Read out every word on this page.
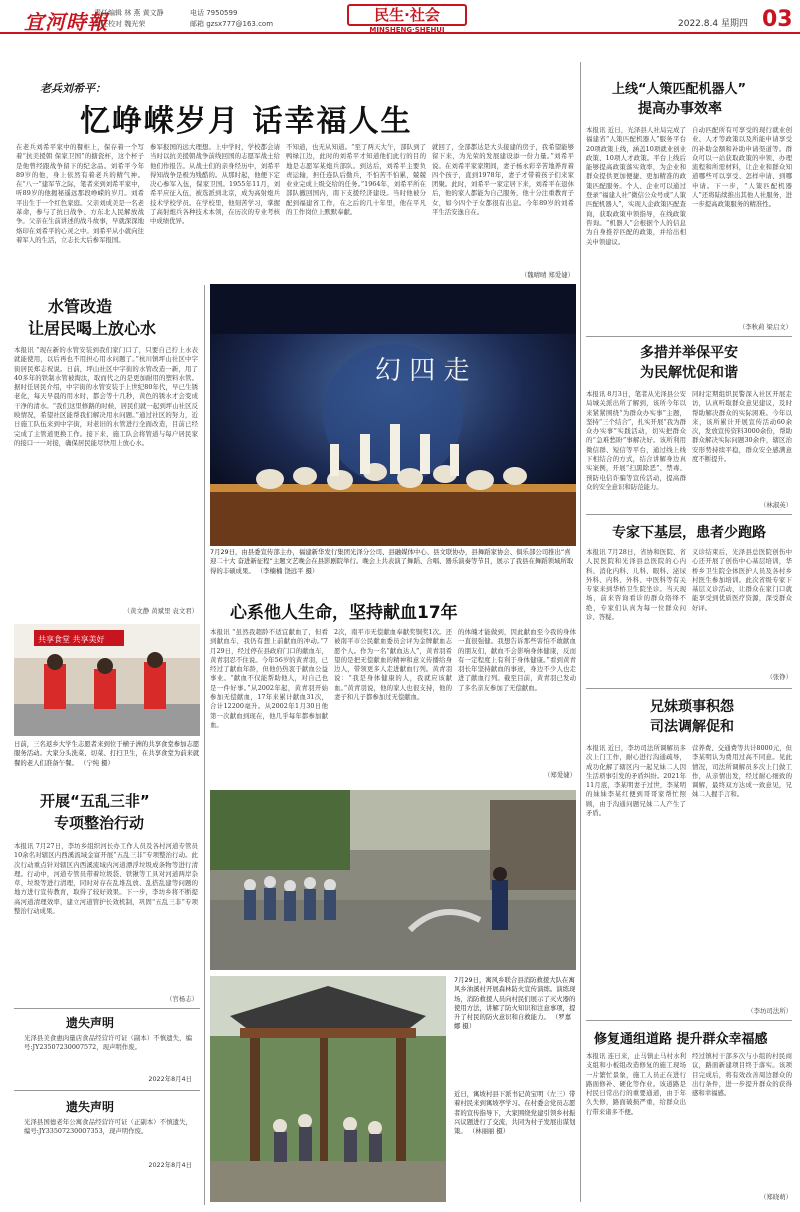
宜河時報
责任编辑 林 燕 黄文静	电话 7950599
责任校对 魏光荣	邮箱 gzsx777@163.com	民生·社会
MINSHENG·SHEHUI
2022.8.4 星期四 03
老兵刘希平：
忆峥嵘岁月 话幸福人生
在老兵刘希平家中的餐柜上，保存着一个写着“抗美援朝 保家卫国”的搪瓷杯，这个杯子是他曾经跟战争留下的纪念品。刘希平今年89岁的他，身上依然有着老兵的精气神。在“八一”建军节之际，笔者来到刘希平家中，听89岁的他揭秘遥远那段峥嵘的岁月。刘希平出生于一个红色家庭。父亲刘成美是一名老革命，参与了抗日战争、方东北人民解放战争。父亲在生前讲述的战斗故事，早就深深地烙印在刘希平的心灵之中。刘希平从小就向往着军人的生活，立志长大后参军报国。
参军报国的远大理想。上中学时，学校都会请当时以抗美援朝战争前线回国的志愿军战士给他们作报告。从战士们的亲身经历中，刘希平得知战争是极为残酷的。从那时起，他便下定决心参军入伍，保家卫国。1955年11月，刘希平应征入伍，被选派到北京，成为高射炮兵技术学校学员。在学校里，他刻苦学习，掌握了高射炮兵各种技术本领，在历次的专业考核中成绩优异。
不知道，也无从知道。“至了两天大午，部队到了鸭绿江边，此时的刘希平才知道他们此行的目的地是志愿军某炮兵部队。到达后，刘希平主要负责运输，担任连队后勤兵，不怕苦不怕累，兢兢业业完成上级交给的任务。”1964年，刘希平所在部队撤回国内，南下支援经济建设。当时他被分配到福建省工作，在之后的几十年里，他在平凡的工作岗位上默默奉献。
就回了，全部都达是大头接建的房子，我希望能够留下来，为光荣的发展建设添一份力量。”刘希平说。在刘希平家家期间，妻子杨永彩辛苦地养育着四个孩子，直到1978年，妻子才带着孩子们来家团聚。此时，刘希平一家定居下来，刘希平在退休后，他的家人都能为自己服务，他十分注重教育子女，如今四个子女都很有出息。今年89岁的刘希平生活安逸自在。
（魏晴晴 郑爱婕）
幻 四 走
7月29日，由县委宣传部主办，福建新华发行集团光泽分公司、县融媒体中心、县文联协办，县舞蹈家协会、俱乐部公司推出“喜迎二十大 奋进新征程”主题文艺晚会在县影剧院举行。晚会上共表演了舞蹈、合唱、器乐演奏等节目，展示了我县在舞蹈领域所取得的丰硕成果。 （李楠楠 饶远平 摄）
水管改造
让居民喝上放心水
本报讯 “现在新的水管安装到我们家门口了，只要自己拧上水表就能使用，以后再也不用担心用水问题了。”杭川镇坪山社区中字街居民郑志祝说。日前，坪山社区中字街的水管改造一新，用了40多年的铁制水管被淘汰，取而代之的是更加耐用的塑料水管。据时任居民介绍，中字街的水管安装于上世纪80年代，早已生锈老化，每天早晨的用水时，都会等十几秒，黄色的锈水才会变成干净的清水。“我们这里修路的时候，居民们就一起到坪山社区反映情况，希望社区能帮我们解决用水问题。”通过社区的努力，近日施工队伍来到中字街，对老旧的水管进行全面改造，目前已经完成了主管道更换工作。接下来，施工队会将管道与每户居民家的接口一一对接，确保居民能尽快用上放心水。
（黄文静 黄斌里 袁文君）
共享食堂 共享美好
日前，三名返乡大学生志愿者来到位于横子洲的共享食堂参加志愿服务活动。大家分头洗菜、切菜、打扫卫生，在共享食堂为前来就餐的老人们准备午餐。 （宁纯 摄）
开展“五乱三非”
专项整治行动
本报讯 7月27日，李坊乡组织河长办工作人员及各村河道专管员10余名对辖区内西溪流域金富开展“五乱三非”专项整治行动。此次行动重点针对辖区内西溪流域内河道漂浮垃圾成条物等进行清理。行动中，河道专管员带着垃圾袋、铁锹等工具对河道两岸杂草、垃圾等进行清理，同时对存在乱堆乱放、乱搭乱建等问题的地方进行宣传教育，取得了较好效果。下一步，李坊乡将不断提高河道清理效率，建立河道管护长效机制，巩固“五乱三非”专项整治行动成果。
（官杨志）
遗失声明
光泽县美食惠肉量店食品经营许可证（副本）不慎遗失，编号:JY23507230007572，现声明作废。
2022年8月4日
遗失声明
光泽县国德老年公寓食品经营许可证（正副本）不慎遗失，编号:JY33507230007353，现声明作废。
2022年8月4日
心系他人生命，坚持献血17年
本报讯 “虽然我超龄不适宜献血了，但看到献血车，我仍有想上前献血的冲动。”7月29日，经过停在县政府门口的献血车，黄青羽忍不住说。今年56岁的黄青羽，已经过了献血年龄，但他仍热衷于献血公益事业。“献血不仅能帮助他人，对自己也是一件好事。”从2002年起，黄青羽开始参加无偿献血，17年来累计献血31次，合计12200毫升。从2002年1月30日他第一次献血到现在，他几乎每年都参加献血。
2次，南平市无偿献血奉献奖铜奖1次。还被南平市公民献血委员会评为金牌献血志愿个人。作为一名“献血达人”，黄青羽希望的是把无偿献血的精神和意义传播给身边人，带领更多人走进献血行列。黄青羽说：“我是身体健康的人，我就应该献血。”黄青羽说，他的家人也很支持，他的妻子和儿子都参加过无偿献血。
的体魄才能做到，因此献血至今我的身体一直很强健。我想告诉那些害怕不敢献血的朋友们，献血不会影响身体健康，反而有一定程度上有利于身体健康。”看到黄青羽长年坚持献血的事迹，身边不少人也走进了献血行列。截至目前，黄青羽已发动了多名亲友参加了无偿献血。
（郑爱婕）
7月29日，寓风乡联合县消防救援大队在寓风乡油溪村开展森林防火宣传演练。演练现场，消防救援人员向村民们展示了灭火器的使用方法，讲解了防火知识和注意事项，提升了村民的防火意识和自救能力。 （罗嘉娜 摄）
近日，寓坡村县下派书记黄宝明（左三）带着村民来到寓坡亭学习。在村委会党员志愿者的宣传指导下，大家围绕党建引领乡村振兴议题进行了交流，共同为村子发展出谋划策。 （林丽丽 摄）
上线“人策匹配机器人”
提高办事效率
本报讯 近日，光泽县人社局完成了福建省“人策匹配机器人”服务平台20项政策上线，涵盖10项就业创业政策、10项人才政策。平台上线后能够提高政策落实效率，为企业和群众提供更加便捷、更加精准的政策匹配服务。个人、企业可以通过登录“福建人社”微信公众号或“人策匹配机器人”，实现人企政策匹配查询，获取政策申领指导，在线政策咨询。“机器人”会根据个人的信息为自身推荐匹配的政策，并给出相关申领建议。
自动匹配所有可享受的现行就业创业、人才等政策以及所能申请享受的补助金额和补助申请渠道等。群众可以一站获取政策的申领、办理流程和所需材料，让企业和群众知道哪些可以享受、怎样申请、到哪申请。下一步，“人策匹配机器人”还将陆续推出其他人社服务，进一步提高政策服务的精准性。
（李秋莉 梁启文）
多措并举保平安
为民解忧促和谐
本报讯 8月3日，笔者从光泽县公安局城关派出所了解到，该所今年以来紧紧围绕“为群众办实事”主题，坚持“三个结合”，扎实开展“我为群众办实事”实践活动，切实把群众的“急难愁盼”事解决好。该所利用微信群、短信等平台，通过线上线下相结合的方式，结合讲解身边真实案例，开展“扫黑除恶”、禁毒、预防电信诈骗等宣传活动，提高群众的安全意识和防范能力。
同时定期组织民警深入社区开展走访，认真听取群众意见建议，及时帮助解决群众的实际困难。今年以来，该所累计开展宣传活动60余次，发放宣传资料3000余份，帮助群众解决实际问题30余件，辖区治安形势持续平稳，群众安全感满意度不断提升。
（林淑英）
专家下基层，患者少跑路
本报讯 7月28日，省协和医院、省人民医院和光泽县总医院的心内科、消化内科、儿科、眼科、泌尿外科、内科、外科、中医科等有关专家来到华桥卫生院坐诊。当天现场，前来咨询看诊的群众络绎不绝，专家们认真为每一位群众问诊、答疑。
义诊结束后，光泽县总医院创伤中心还开展了创伤中心基层培训，华桥乡卫生院全体医护人员及各村乡村医生参加培训。此次省级专家下基层义诊活动，让群众在家门口就能享受到优质医疗资源，深受群众好评。
（张铮）
兄妹琐事积怨
司法调解促和
本报讯 近日，李坊司法所调解员多次上门工作，耐心进行沟通疏导，成功化解了辖区内一起兄妹二人因生活琐事引发的矛盾纠纷。2021年11月底，李某明妻子过世，李某明的妹妹李某红便到哥哥家帮忙照顾，由于沟通问题兄妹二人产生了矛盾。
营养费、交通费等共计8000元，但李某明认为费用过高不同意。见此情况，司法所调解员多次上门做工作，从亲情出发，经过耐心细致的调解，最终双方达成一致意见，兄妹二人握手言和。
（李坊司法所）
修复通组道路 提升群众幸福感
本报讯 连日来，止马镇止马村水利支组和小板组改造修复的施工现场一片繁忙景象，施工人员正在进行路面修补、硬化等作业。该道路是村民日常出行的重要通道，由于年久失修，路面破损严重，给群众出行带来诸多不便。
经过镇村干部多次与小组的村民商议，路面新建项目终于落实。该项目完成后，将有效改善周边群众的出行条件，进一步提升群众的获得感和幸福感。
（郑晓萌）
